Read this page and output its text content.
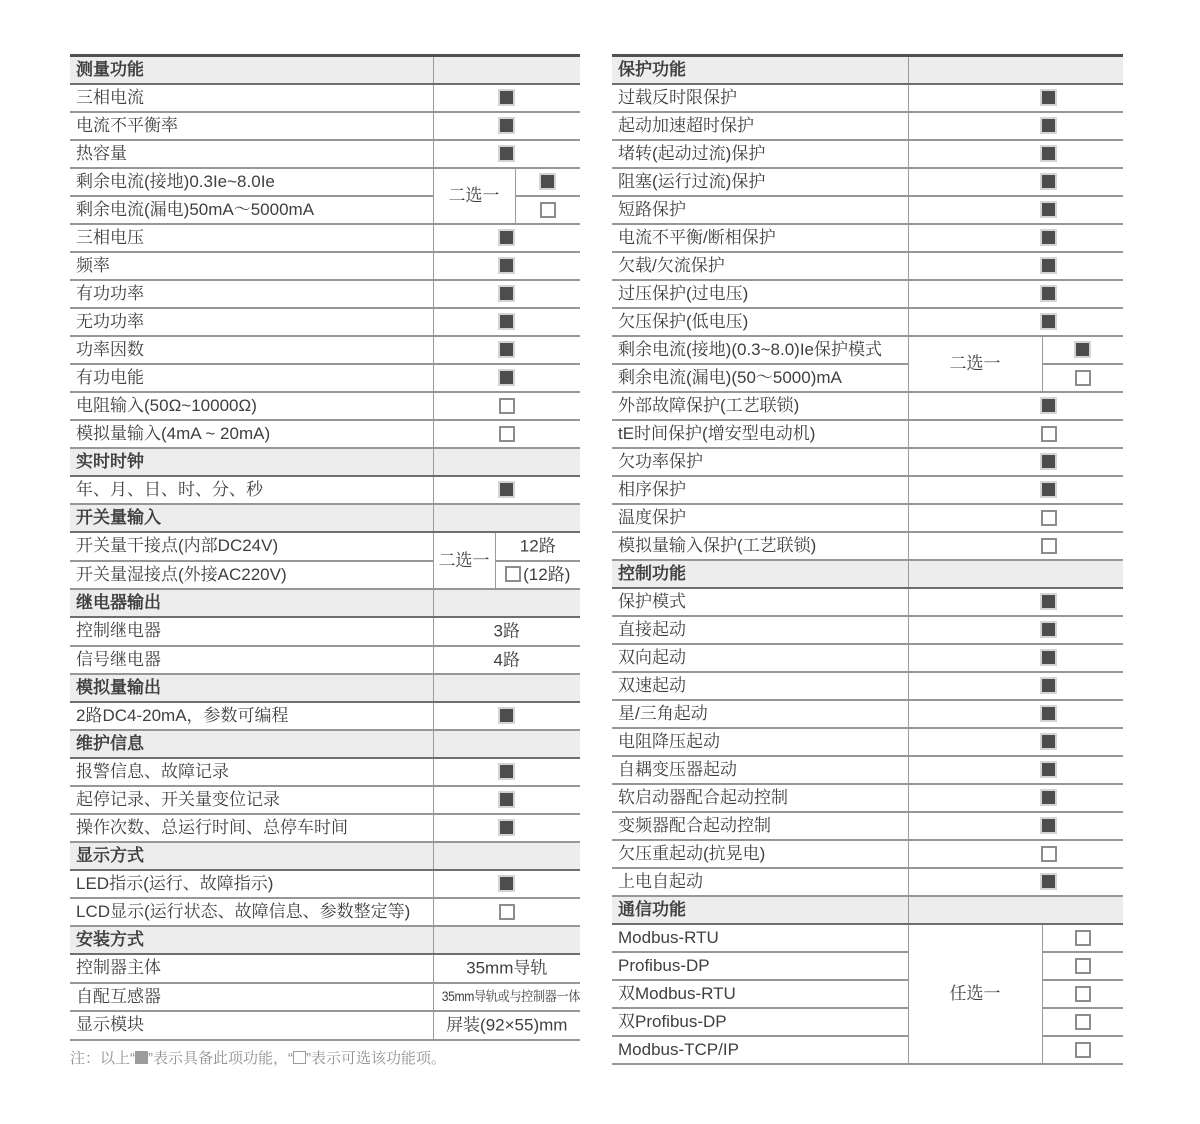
测量功能			
三相电流			
电流不平衡率			
热容量			
剩余电流(接地)0.3Ie~8.0Ie	二选一		
剩余电流(漏电)50mA～5000mA			
三相电压			
频率			
有功功率			
无功功率			
功率因数			
有功电能			
电阻输入(50Ω~10000Ω)			
模拟量输入(4mA ~ 20mA)			
实时时钟			
年、月、日、时、分、秒			
开关量输入			
开关量干接点(内部DC24V)	二选一	12路	
开关量湿接点(外接AC220V)		(12路)	
继电器输出			
控制继电器	3路		
信号继电器	4路		
模拟量输出			
2路DC4-20mA，参数可编程			
维护信息			
报警信息、故障记录			
起停记录、开关量变位记录			
操作次数、总运行时间、总停车时间			
显示方式			
LED指示(运行、故障指示)			
LCD显示(运行状态、故障信息、参数整定等)			
安装方式			
控制器主体	35mm导轨		
自配互感器	35mm导轨或与控制器一体		
显示模块	屏装(92×55)mm		
保护功能		
过载反时限保护		
起动加速超时保护		
堵转(起动过流)保护		
阻塞(运行过流)保护		
短路保护		
电流不平衡/断相保护		
欠载/欠流保护		
过压保护(过电压)		
欠压保护(低电压)		
剩余电流(接地)(0.3~8.0)Ie保护模式	二选一	
剩余电流(漏电)(50～5000)mA		
外部故障保护(工艺联锁)		
tE时间保护(增安型电动机)		
欠功率保护		
相序保护		
温度保护		
模拟量输入保护(工艺联锁)		
控制功能		
保护模式		
直接起动		
双向起动		
双速起动		
星/三角起动		
电阻降压起动		
自耦变压器起动		
软启动器配合起动控制		
变频器配合起动控制		
欠压重起动(抗晃电)		
上电自起动		
通信功能		
Modbus-RTU	任选一	
Profibus-DP		
双Modbus-RTU		
双Profibus-DP		
Modbus-TCP/IP		
注：以上“ ”表示具备此项功能，“ ”表示可选该功能项。
